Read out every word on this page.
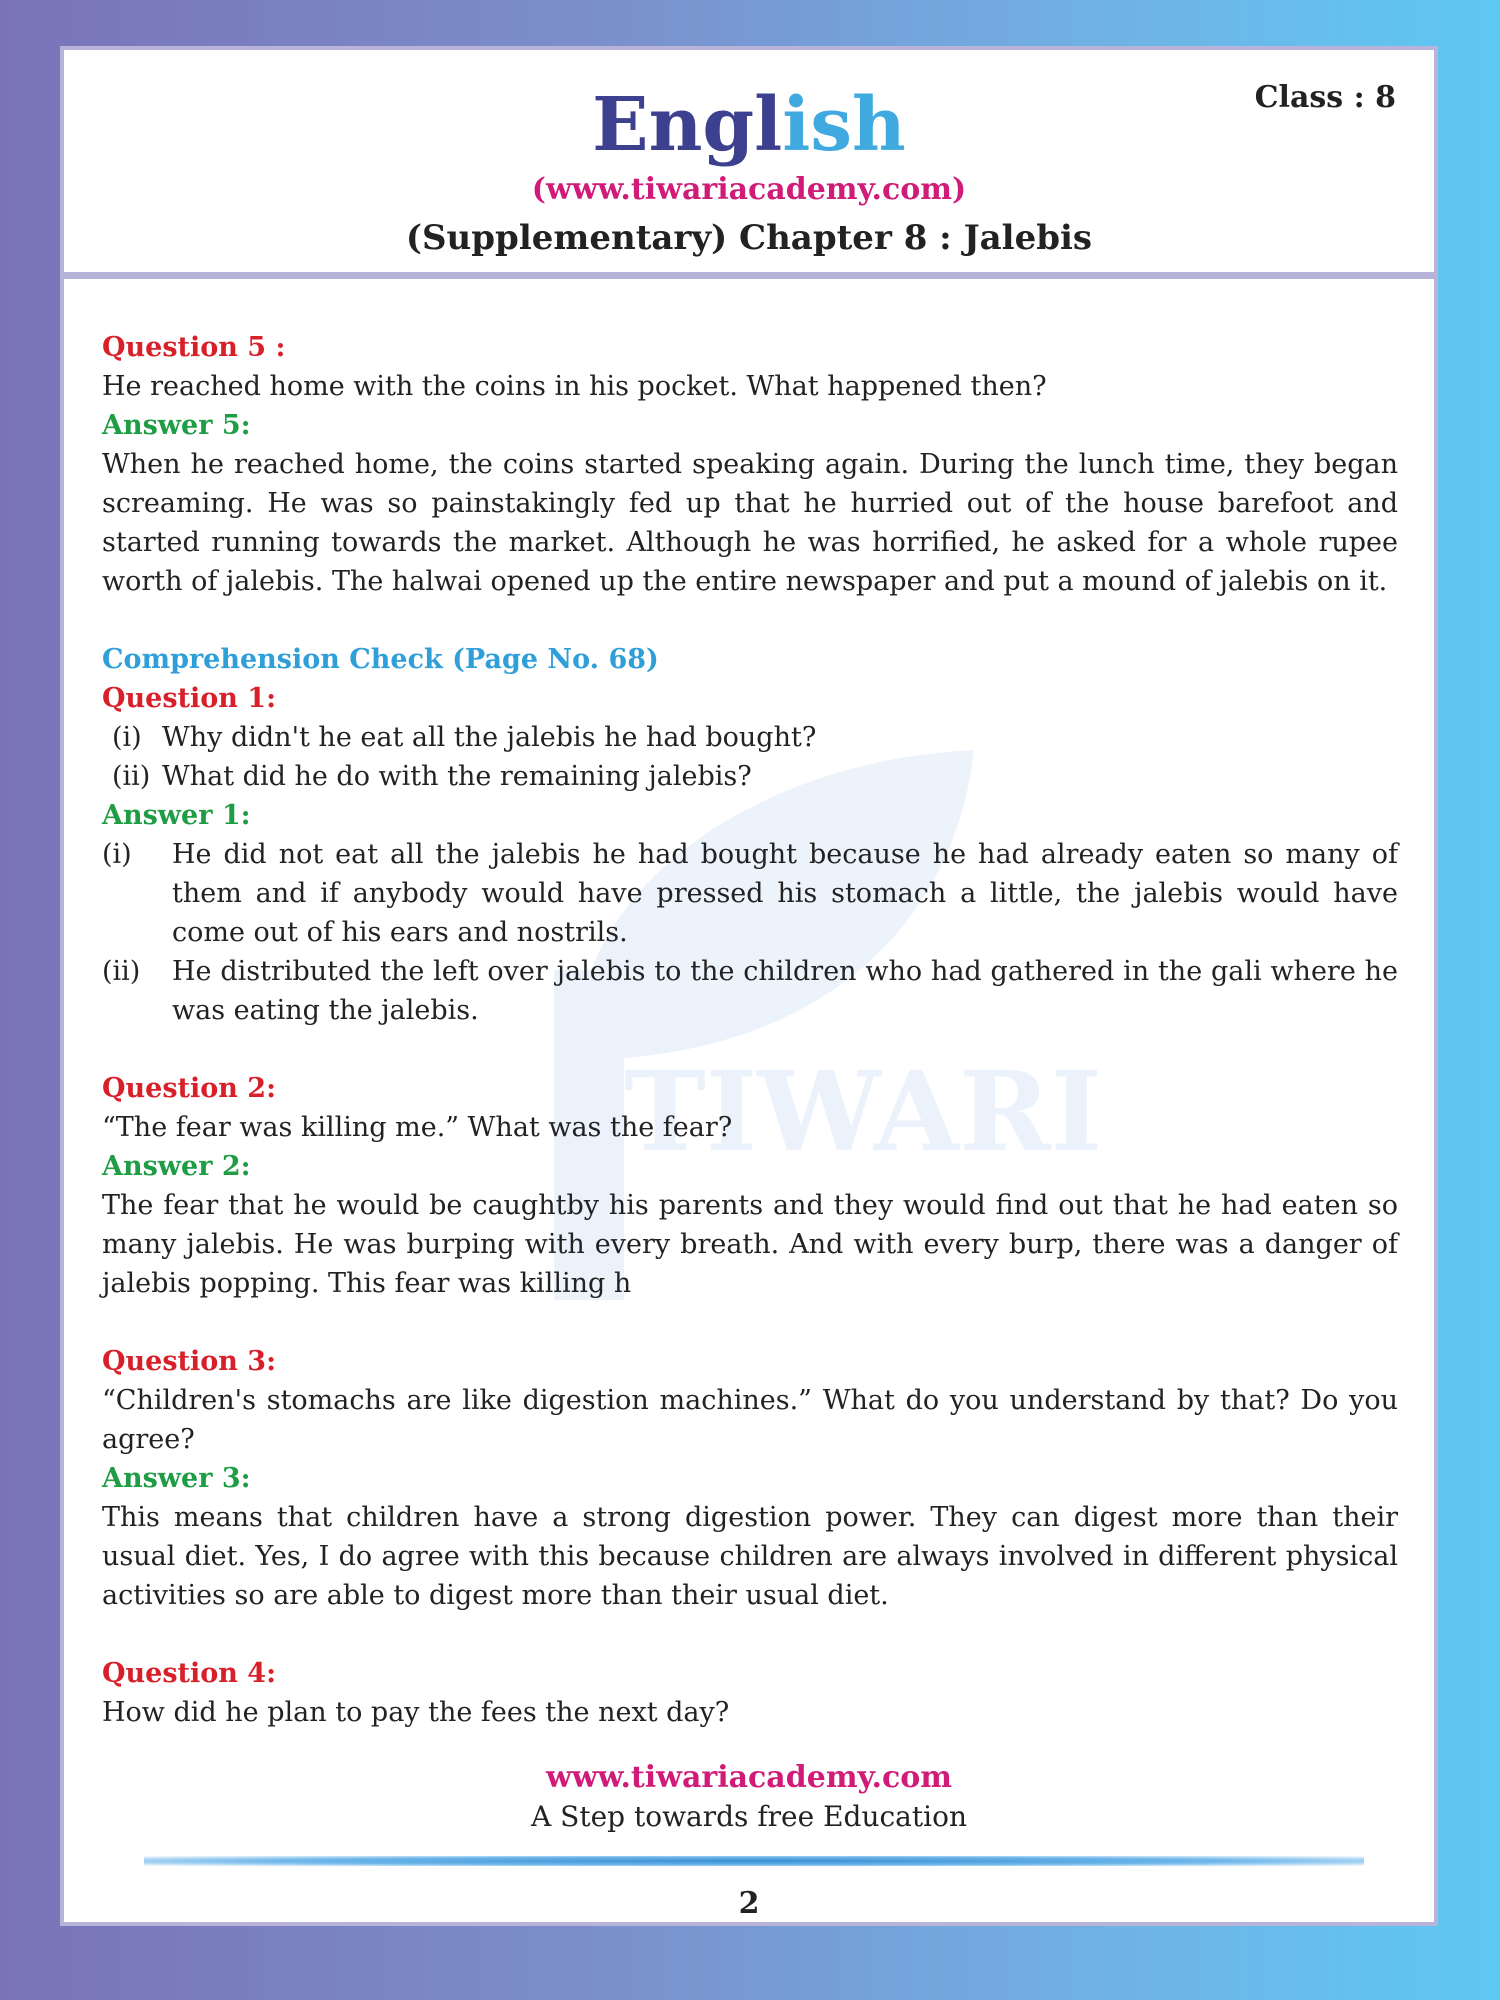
English	Class : 8
(www.tiwariacademy.com)
(Supplementary) Chapter 8 : Jalebis
TIWARI

Question 5 :

He reached home with the coins in his pocket. What happened then?

Answer 5:

When he reached home, the coins started speaking again. During the lunch time, they began screaming. He was so painstakingly fed up that he hurried out of the house barefoot and started running towards the market. Although he was horrified, he asked for a whole rupee worth of jalebis. The halwai opened up the entire newspaper and put a mound of jalebis on it.

Comprehension Check (Page No. 68)

Question 1:

(i) Why didn't he eat all the jalebis he had bought?
(ii) What did he do with the remaining jalebis?

Answer 1:

(i)	He did not eat all the jalebis he had bought because he had already eaten so many of them and if anybody would have pressed his stomach a little, the jalebis would have come out of his ears and nostrils.
(ii)	He distributed the left over jalebis to the children who had gathered in the gali where he was eating the jalebis.

Question 2:

“The fear was killing me.” What was the fear?

Answer 2:

The fear that he would be caughtby his parents and they would find out that he had eaten so many jalebis. He was burping with every breath. And with every burp, there was a danger of jalebis popping. This fear was killing h

Question 3:

“Children's stomachs are like digestion machines.” What do you understand by that? Do you agree?

Answer 3:

This means that children have a strong digestion power. They can digest more than their usual diet. Yes, I do agree with this because children are always involved in different physical activities so are able to digest more than their usual diet.

Question 4:

How did he plan to pay the fees the next day?

www.tiwariacademy.com
A Step towards free Education
2
